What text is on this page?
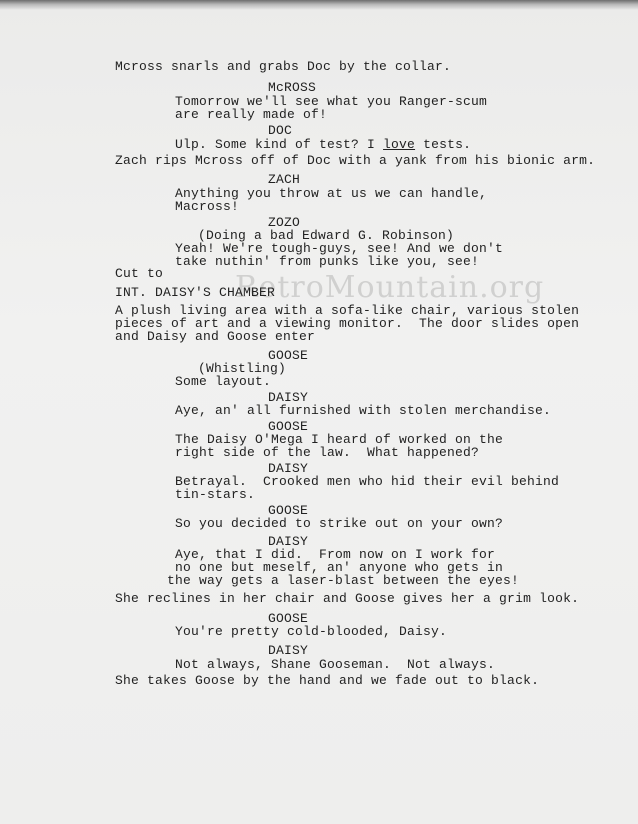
RetroMountain.org
Mcross snarls and grabs Doc by the collar.
McROSS
Tomorrow we'll see what you Ranger-scum
are really made of!
DOC
Ulp. Some kind of test? I love tests.
Zach rips Mcross off of Doc with a yank from his bionic arm.
ZACH
Anything you throw at us we can handle,
Macross!
ZOZO
(Doing a bad Edward G. Robinson)
Yeah! We're tough-guys, see! And we don't
take nuthin' from punks like you, see!
Cut to
INT. DAISY'S CHAMBER
A plush living area with a sofa-like chair, various stolen
pieces of art and a viewing monitor.  The door slides open
and Daisy and Goose enter
GOOSE
(Whistling)
Some layout.
DAISY
Aye, an' all furnished with stolen merchandise.
GOOSE
The Daisy O'Mega I heard of worked on the
right side of the law.  What happened?
DAISY
Betrayal.  Crooked men who hid their evil behind
tin-stars.
GOOSE
So you decided to strike out on your own?
DAISY
Aye, that I did.  From now on I work for
no one but meself, an' anyone who gets in
the way gets a laser-blast between the eyes!
She reclines in her chair and Goose gives her a grim look.
GOOSE
You're pretty cold-blooded, Daisy.
DAISY
Not always, Shane Gooseman.  Not always.
She takes Goose by the hand and we fade out to black.
